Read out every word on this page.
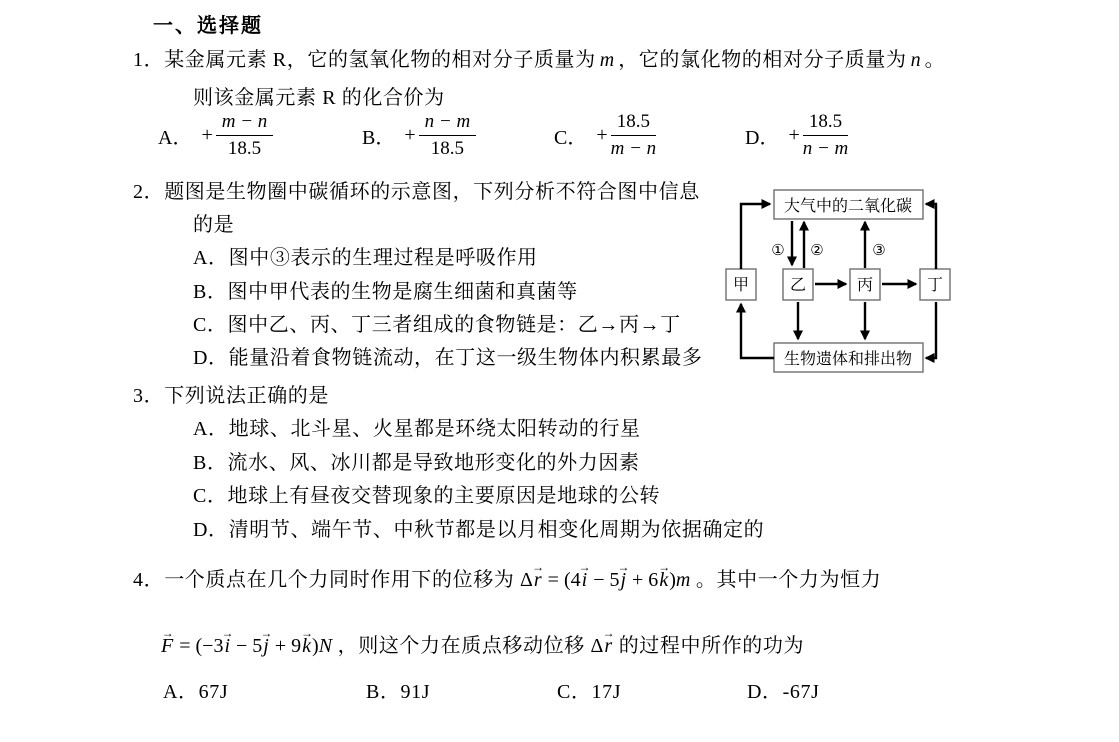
一、选择题
1．某金属元素 R，它的氢氧化物的相对分子质量为 m ，它的氯化物的相对分子质量为 n 。
则该金属元素 R 的化合价为
A． + $\frac{m - n}{18.5}$	B． + $\frac{n - m}{18.5}$	C． + $\frac{18.5}{m - n}$	D． + $\frac{18.5}{n - m}$
2．题图是生物圈中碳循环的示意图，下列分析不符合图中信息
的是
A．图中③表示的生理过程是呼吸作用
B．图中甲代表的生物是腐生细菌和真菌等
C．图中乙、丙、丁三者组成的食物链是：乙→丙→丁
D．能量沿着食物链流动，在丁这一级生物体内积累最多
大气中的二氧化碳
甲	乙	丙	丁
生物遗体和排出物
① ②	③
3．下列说法正确的是
A．地球、北斗星、火星都是环绕太阳转动的行星
B．流水、风、冰川都是导致地形变化的外力因素
C．地球上有昼夜交替现象的主要原因是地球的公转
D．清明节、端午节、中秋节都是以月相变化周期为依据确定的
4．一个质点在几个力同时作用下的位移为 Δr → = (4i → − 5j → + 6k →)m 。其中一个力为恒力
F → = (−3i → − 5j → + 9k →)N ，则这个力在质点移动位移 Δr → 的过程中所作的功为
A．67J	B．91J	C．17J	D．-67J
